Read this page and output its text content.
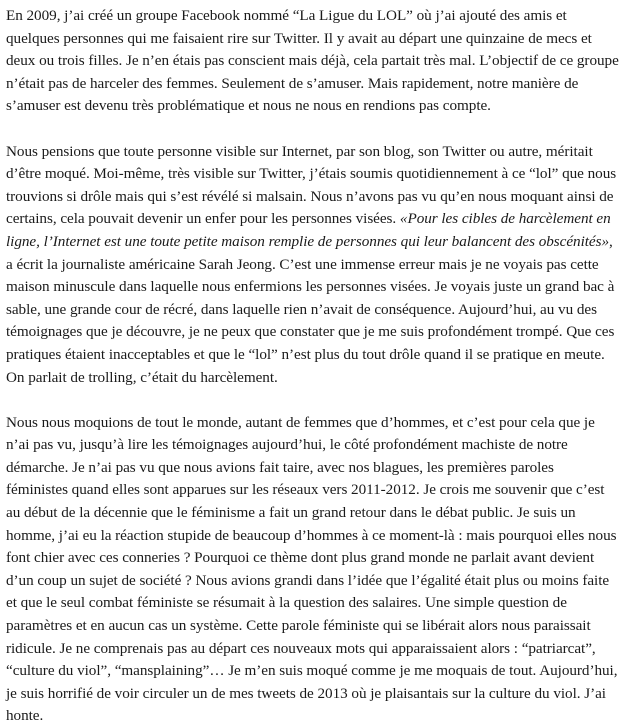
En 2009, j’ai créé un groupe Facebook nommé “La Ligue du LOL” où j’ai ajouté des amis et quelques personnes qui me faisaient rire sur Twitter. Il y avait au départ une quinzaine de mecs et deux ou trois filles. Je n’en étais pas conscient mais déjà, cela partait très mal. L’objectif de ce groupe n’était pas de harceler des femmes. Seulement de s’amuser. Mais rapidement, notre manière de s’amuser est devenu très problématique et nous ne nous en rendions pas compte.

Nous pensions que toute personne visible sur Internet, par son blog, son Twitter ou autre, méritait d’être moqué. Moi-même, très visible sur Twitter, j’étais soumis quotidiennement à ce “lol” que nous trouvions si drôle mais qui s’est révélé si malsain. Nous n’avons pas vu qu’en nous moquant ainsi de certains, cela pouvait devenir un enfer pour les personnes visées. «Pour les cibles de harcèlement en ligne, l’Internet est une toute petite maison remplie de personnes qui leur balancent des obscénités», a écrit la journaliste américaine Sarah Jeong. C’est une immense erreur mais je ne voyais pas cette maison minuscule dans laquelle nous enfermions les personnes visées. Je voyais juste un grand bac à sable, une grande cour de récré, dans laquelle rien n’avait de conséquence. Aujourd’hui, au vu des témoignages que je découvre, je ne peux que constater que je me suis profondément trompé. Que ces pratiques étaient inacceptables et que le “lol” n’est plus du tout drôle quand il se pratique en meute. On parlait de trolling, c’était du harcèlement.

Nous nous moquions de tout le monde, autant de femmes que d’hommes, et c’est pour cela que je n’ai pas vu, jusqu’à lire les témoignages aujourd’hui, le côté profondément machiste de notre démarche. Je n’ai pas vu que nous avions fait taire, avec nos blagues, les premières paroles féministes quand elles sont apparues sur les réseaux vers 2011-2012. Je crois me souvenir que c’est au début de la décennie que le féminisme a fait un grand retour dans le débat public. Je suis un homme, j’ai eu la réaction stupide de beaucoup d’hommes à ce moment-là : mais pourquoi elles nous font chier avec ces conneries ? Pourquoi ce thème dont plus grand monde ne parlait avant devient d’un coup un sujet de société ? Nous avions grandi dans l’idée que l’égalité était plus ou moins faite et que le seul combat féministe se résumait à la question des salaires. Une simple question de paramètres et en aucun cas un système. Cette parole féministe qui se libérait alors nous paraissait ridicule. Je ne comprenais pas au départ ces nouveaux mots qui apparaissaient alors : “patriarcat”, “culture du viol”, “mansplaining”… Je m’en suis moqué comme je me moquais de tout. Aujourd’hui, je suis horrifié de voir circuler un de mes tweets de 2013 où je plaisantais sur la culture du viol. J’ai honte.
